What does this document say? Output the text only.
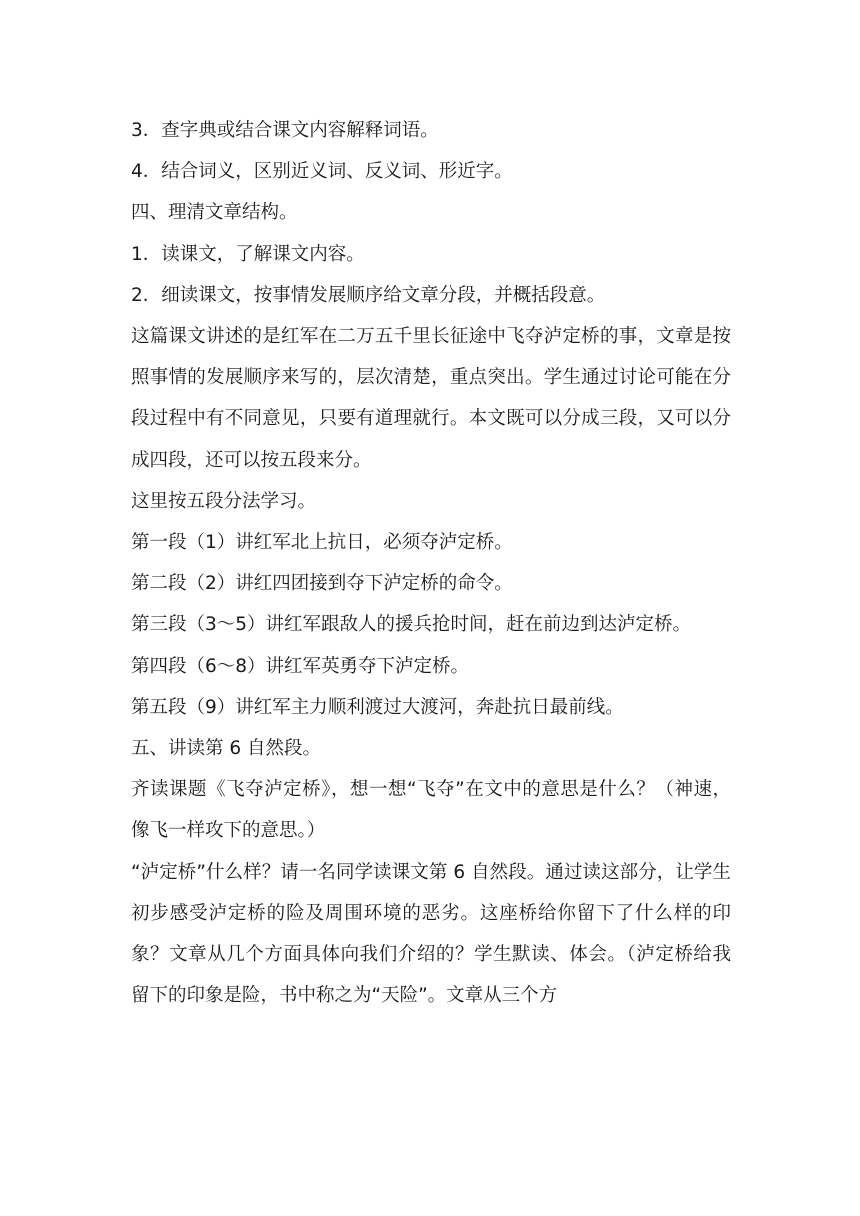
3．查字典或结合课文内容解释词语。

4．结合词义，区别近义词、反义词、形近字。

四、理清文章结构。

1．读课文，了解课文内容。

2．细读课文，按事情发展顺序给文章分段，并概括段意。

这篇课文讲述的是红军在二万五千里长征途中飞夺泸定桥的事，文章是按照事情的发展顺序来写的，层次清楚，重点突出。学生通过讨论可能在分段过程中有不同意见，只要有道理就行。本文既可以分成三段，又可以分成四段，还可以按五段来分。

这里按五段分法学习。

第一段（1）讲红军北上抗日，必须夺泸定桥。

第二段（2）讲红四团接到夺下泸定桥的命令。

第三段（3～5）讲红军跟敌人的援兵抢时间，赶在前边到达泸定桥。

第四段（6～8）讲红军英勇夺下泸定桥。

第五段（9）讲红军主力顺利渡过大渡河，奔赴抗日最前线。

五、讲读第 6 自然段。

齐读课题《飞夺泸定桥》，想一想“飞夺”在文中的意思是什么？（神速，像飞一样攻下的意思。）

“泸定桥”什么样？请一名同学读课文第 6 自然段。通过读这部分，让学生初步感受泸定桥的险及周围环境的恶劣。这座桥给你留下了什么样的印象？文章从几个方面具体向我们介绍的？学生默读、体会。（泸定桥给我留下的印象是险，书中称之为“天险”。文章从三个方
